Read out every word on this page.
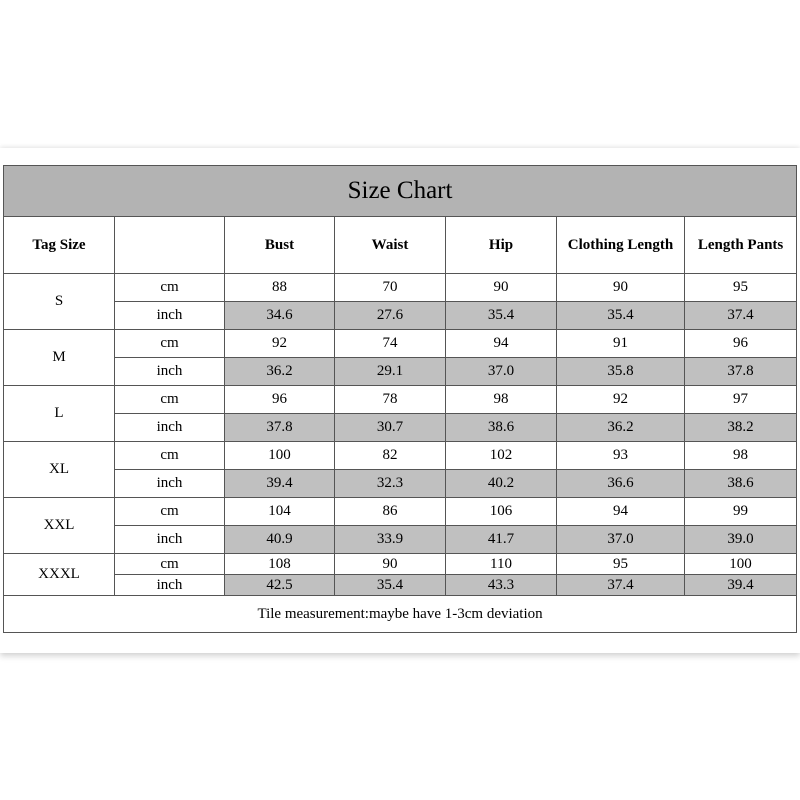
Size Chart						
Tag Size		Bust	Waist	Hip	Clothing Length	Length Pants
S	cm	88	70	90	90	95
	inch	34.6	27.6	35.4	35.4	37.4
M	cm	92	74	94	91	96
	inch	36.2	29.1	37.0	35.8	37.8
L	cm	96	78	98	92	97
	inch	37.8	30.7	38.6	36.2	38.2
XL	cm	100	82	102	93	98
	inch	39.4	32.3	40.2	36.6	38.6
XXL	cm	104	86	106	94	99
	inch	40.9	33.9	41.7	37.0	39.0
XXXL	cm	108	90	110	95	100
	inch	42.5	35.4	43.3	37.4	39.4
Tile measurement:maybe have 1-3cm deviation						
